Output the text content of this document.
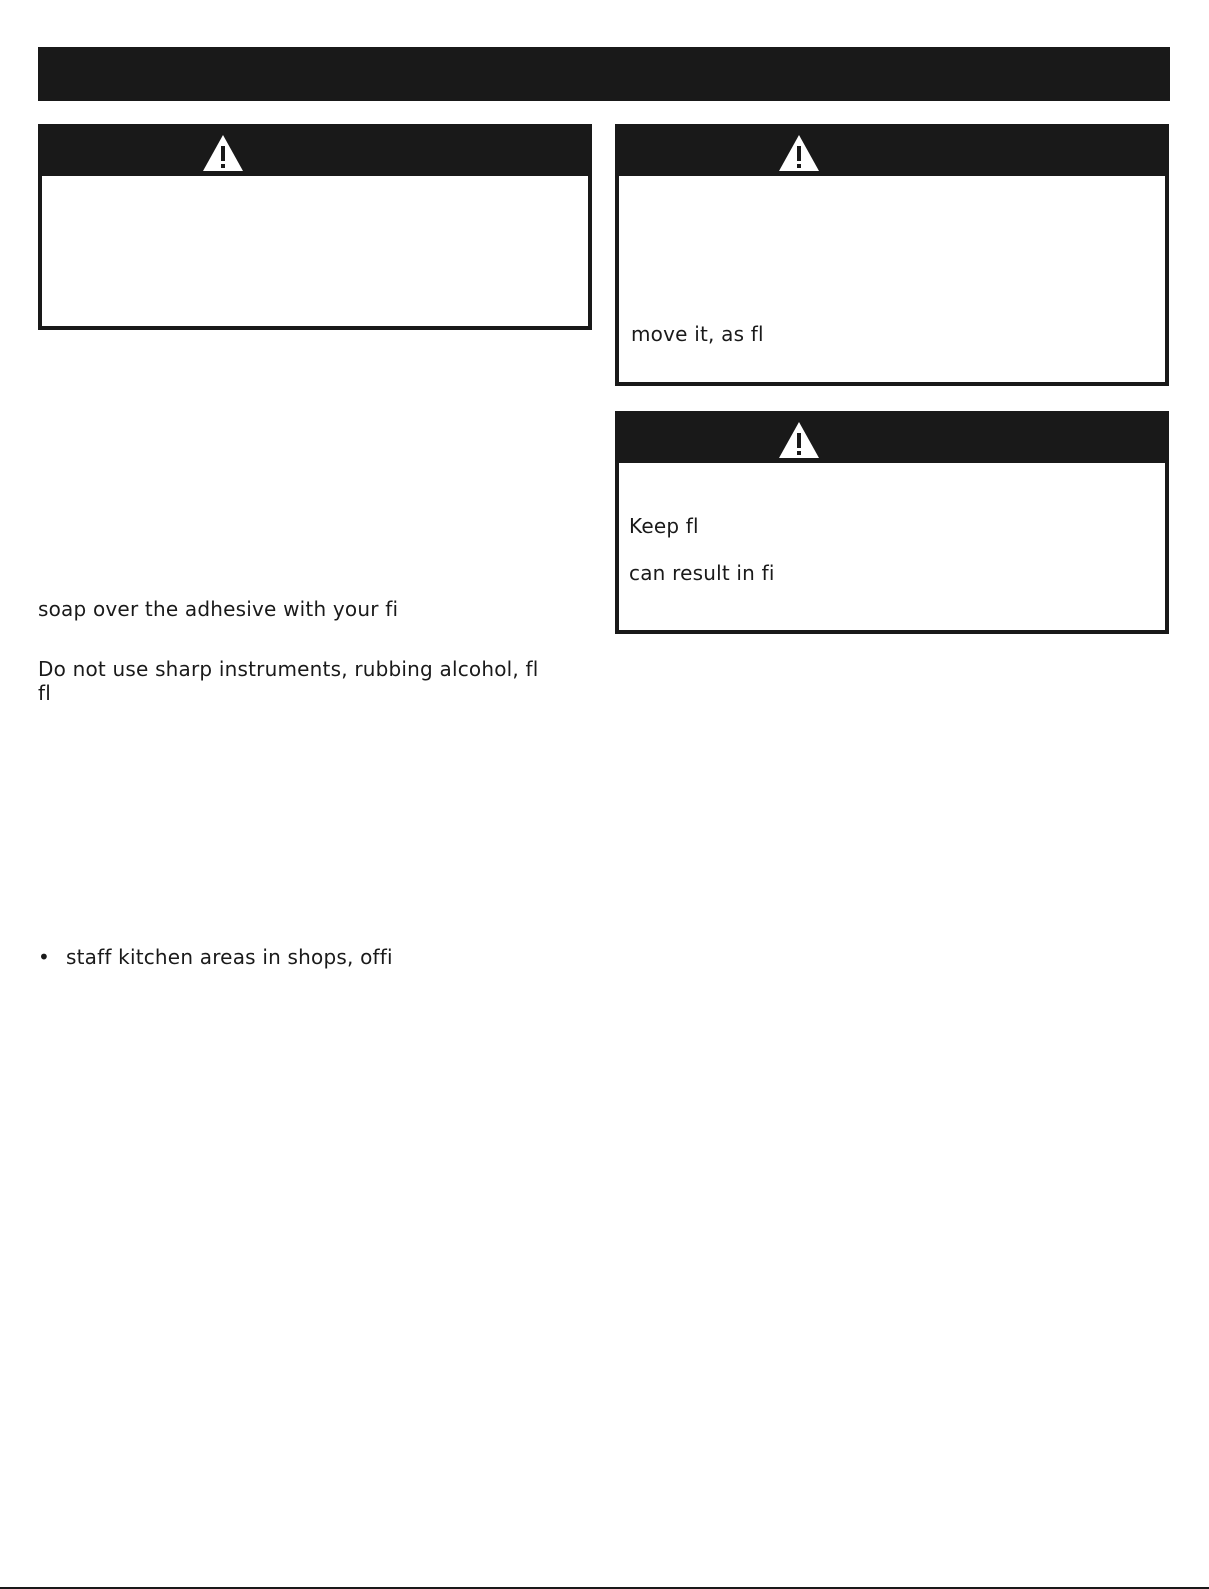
move it, as fl
Keep fl
can result in fi
soap over the adhesive with your fi
Do not use sharp instruments, rubbing alcohol, fl
fl
• staff kitchen areas in shops, offi
